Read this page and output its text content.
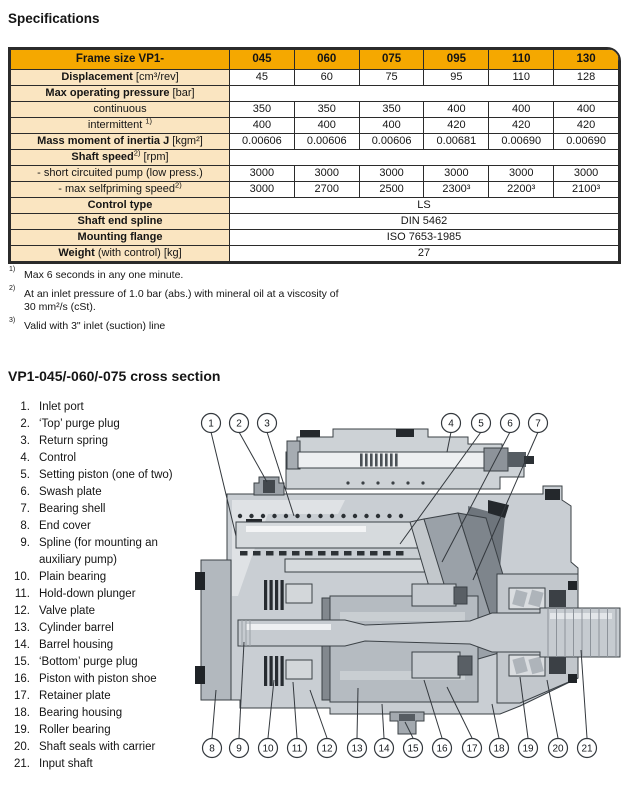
Specifications
Frame size VP1-	045	060	075	095	110	130
Displacement [cm³/rev]	45	60	75	95	110	128
Max operating pressure [bar]						
continuous	350	350	350	400	400	400
intermittent $^{1)}$	400	400	400	420	420	420
Mass moment of inertia J [kgm²]	0.00606	0.00606	0.00606	0.00681	0.00690	0.00690
Shaft speed$^{2)}$ [rpm]						
- short circuited pump (low press.)	3000	3000	3000	3000	3000	3000
- max selfpriming speed$^{2)}$	3000	2700	2500	2300³	2200³	2100³
Control type	LS					
Shaft end spline	DIN 5462					
Mounting flange	ISO 7653-1985					
Weight (with control) [kg]	27					
1) Max 6 seconds in any one minute.
2) At an inlet pressure of 1.0 bar (abs.) with mineral oil at a viscosity of 30 mm²/s (cSt).
3) Valid with 3" inlet (suction) line
VP1-045/-060/-075 cross section
1. Inlet port
2. ‘Top’ purge plug
3. Return spring
4. Control
5. Setting piston (one of two)
6. Swash plate
7. Bearing shell
8. End cover
9. Spline (for mounting an auxiliary pump)
10. Plain bearing
11. Hold-down plunger
12. Valve plate
13. Cylinder barrel
14. Barrel housing
15. ‘Bottom’ purge plug
16. Piston with piston shoe
17. Retainer plate
18. Bearing housing
19. Roller bearing
20. Shaft seals with carrier
21. Input shaft
1 2 3	4 5 6 7
8 9 10 11 12 13 14 15 16 17 18 19 20 21
